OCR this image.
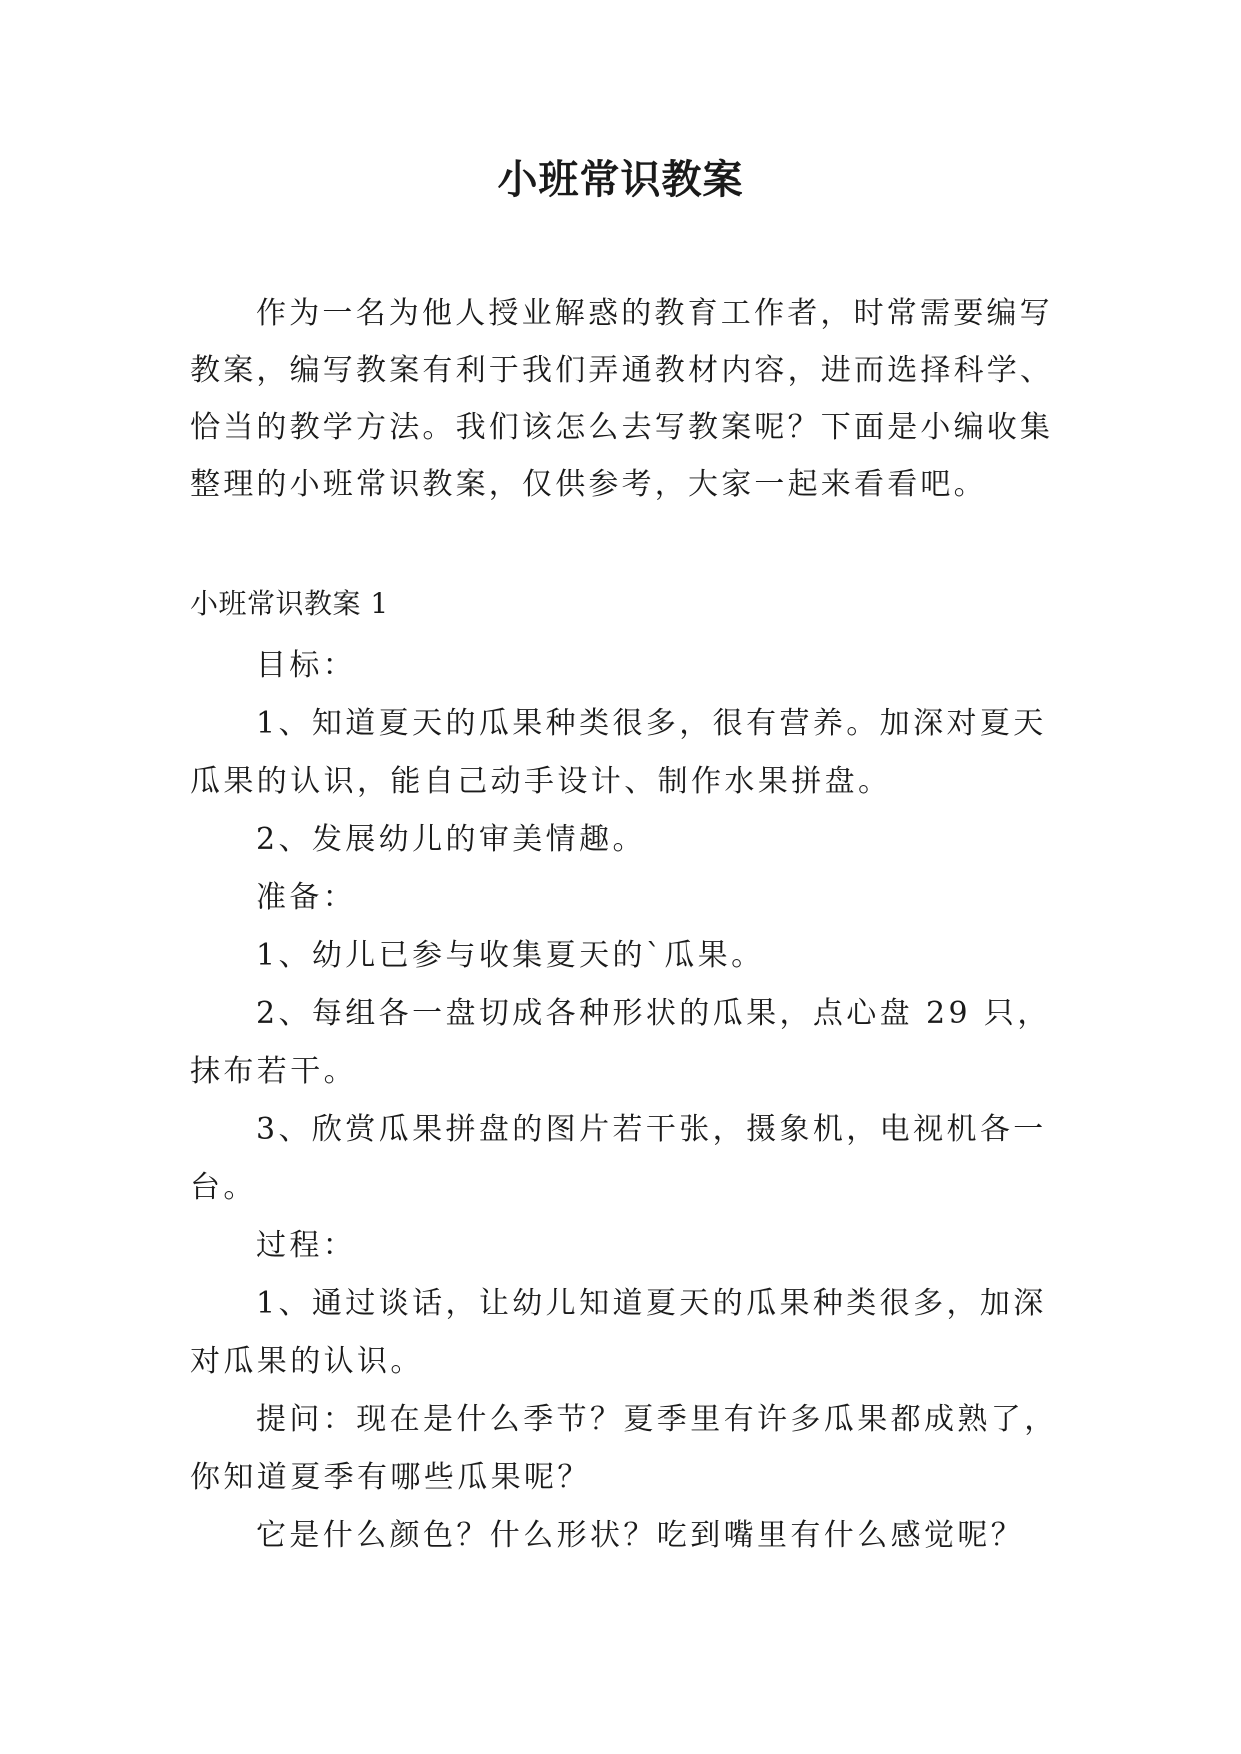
小班常识教案

作为一名为他人授业解惑的教育工作者，时常需要编写教案，编写教案有利于我们弄通教材内容，进而选择科学、恰当的教学方法。我们该怎么去写教案呢？下面是小编收集整理的小班常识教案，仅供参考，大家一起来看看吧。

小班常识教案 1

目标：

1、知道夏天的瓜果种类很多，很有营养。加深对夏天瓜果的认识，能自己动手设计、制作水果拼盘。

2、发展幼儿的审美情趣。

准备：

1、幼儿已参与收集夏天的`瓜果。

2、每组各一盘切成各种形状的瓜果，点心盘 29 只，抹布若干。

3、欣赏瓜果拼盘的图片若干张，摄象机，电视机各一台。

过程：

1、通过谈话，让幼儿知道夏天的瓜果种类很多，加深对瓜果的认识。

提问：现在是什么季节？夏季里有许多瓜果都成熟了，你知道夏季有哪些瓜果呢？

它是什么颜色？什么形状？吃到嘴里有什么感觉呢？
